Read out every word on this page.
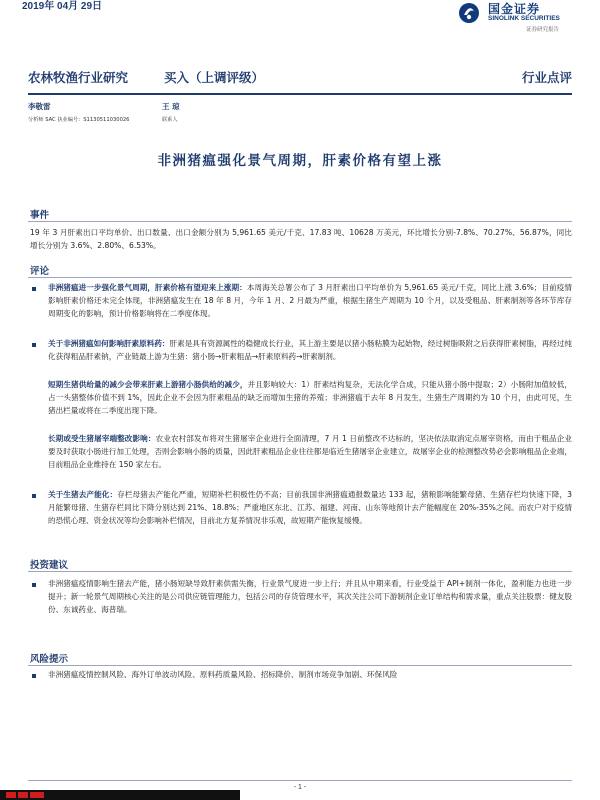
2019年 04月 29日	国金证券
SINOLINK SECURITIES
证券研究报告
农林牧渔行业研究	买入（上调评级）	行业点评
李敬雷
分析师 SAC 执业编号：S1130511030026
王 琼
联系人
非洲猪瘟强化景气周期，肝素价格有望上涨
事件
19 年 3 月肝素出口平均单价、出口数量、出口金额分别为 5,961.65 美元/千克、17.83 吨、10628 万美元，环比增长分别-7.8%、70.27%、56.87%，同比增长分别为 3.6%、2.80%、6.53%。
评论
非洲猪瘟进一步强化景气周期，肝素价格有望迎来上涨期：本周海关总署公布了 3 月肝素出口平均单价为 5,961.65 美元/千克，同比上涨 3.6%；目前疫情影响肝素价格还未完全体现，非洲猪瘟发生在 18 年 8 月，今年 1 月、2 月最为严重，根据生猪生产周期为 10 个月，以及受粗品、肝素制剂等各环节库存周期变化的影响，预计价格影响将在二季度体现。
关于非洲猪瘟如何影响肝素原料药：肝素是具有资源属性的稳健成长行业，其上游主要是以猪小肠粘膜为起始物，经过树脂吸附之后获得肝素树脂，再经过纯化获得粗品肝素钠，产业链最上游为生猪：猪小肠→肝素粗品→肝素原料药→肝素制剂。
短期生猪供给量的减少会带来肝素上游猪小肠供给的减少，并且影响较大：1）肝素结构复杂，无法化学合成，只能从猪小肠中提取；2）小肠附加值较低，占一头猪整体价值不到 1%，因此企业不会因为肝素粗品的缺乏而增加生猪的养殖；非洲猪瘟于去年 8 月发生，生猪生产周期约为 10 个月，由此可见，生猪出栏量或将在二季度出现下降。
长期或受生猪屠宰端整改影响：农业农村部发布将对生猪屠宰企业进行全面清理，7 月 1 日前整改不达标的，坚决依法取消定点屠宰资格，而由于粗品企业要及时获取小肠进行加工处理，否则会影响小肠的质量，因此肝素粗品企业往往都是临近生猪屠宰企业建立，故屠宰企业的检测整改势必会影响粗品企业端，目前粗品企业维持在 150 家左右。
关于生猪去产能化：存栏母猪去产能化严重，短期补栏积极性仍不高；目前我国非洲猪瘟通报数量达 133 起，猪粮影响能繁母猪、生猪存栏均快速下降，3 月能繁母猪、生猪存栏同比下降分别达到 21%、18.8%；严重地区东北、江苏、福建、河南、山东等地预计去产能幅度在 20%-35%之间。而农户对于疫情的恐慌心理、资金状况等均会影响补栏情况，目前北方复养情况非乐观，故短期产能恢复缓慢。
投资建议
非洲猪瘟疫情影响生猪去产能，猪小肠短缺导致肝素供需失衡，行业景气度进一步上行；并且从中期来看，行业受益于 API+制剂一体化，盈利能力也进一步提升；新一轮景气周期核心关注的是公司供应链管理能力，包括公司的存货管理水平，其次关注公司下游制剂企业订单结构和需求量，重点关注股票：健友股份、东诚药业、海普瑞。
风险提示
非洲猪瘟疫情控制风险、海外订单波动风险、原料药质量风险、招标降价、制剂市场竞争加剧、环保风险
- 1 -
